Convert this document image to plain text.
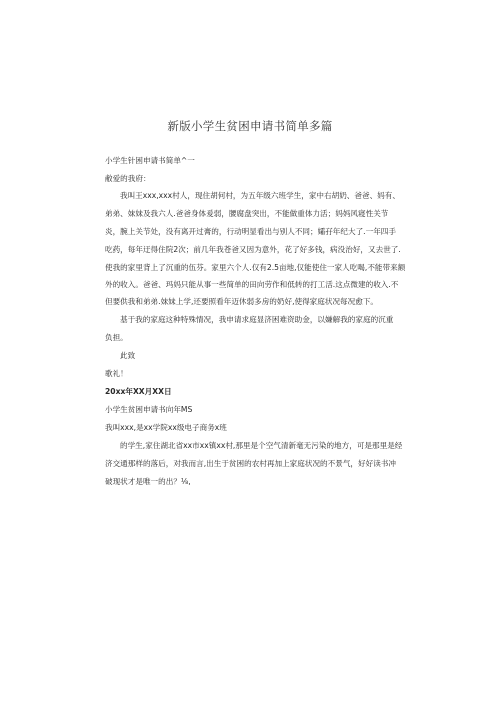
新版小学生贫困申请书简单多篇
小学生针困申请书简单^一
敝爱的我府：
我叫王xxx,xxx村人，现住胡何村，为五年级六班学生，家中右胡奶、爸爸、妈有、
弟弟、妹妹及我六人.爸爸身体爰弱，腰腐盘突出，不能做重体力活；妈妈风寝性关节
炎，腕上关节处，没有离开过膏的，行动明显看出与别人不同；孀孖年纪大了.一年四手
吃药，每年迂得住院2次；前几年我苍爸又因为意外，花了好多钱，病没治好，又去世了.
使我的家里背上了沉重的伍芬。家里六个人.仅有2.5亩地,仅能使住一家人吃喝,不能带来额
外的收入。爸爸、玛妈只能从事一些简单的田向劳作和低转的打工活.这点微建的收入.不
但要供我和弟弟.妹妹上学,还要照看年迈休弱多房的奶好,使得家庭状况每况愈下。
基于我的家庭这种特殊情况，我申请求庭显济困难资助金，以嫌解我的家庭的沉重
负担。
此致
歌礼！
20xx年XX月XX日
小学生贫困申请书向年MS
我叫xxx,是xx学院xx级电子商务x班
的学生,家住湖北省xx市xx镇xx村,那里是个空气清新毫无污染的地方，可是那里是经
济交通那样的落后，对我而言,出生于贫困的农村再加上家庭状况的不景气，好好读书冲
破现状才是唯一的出？⅛,
